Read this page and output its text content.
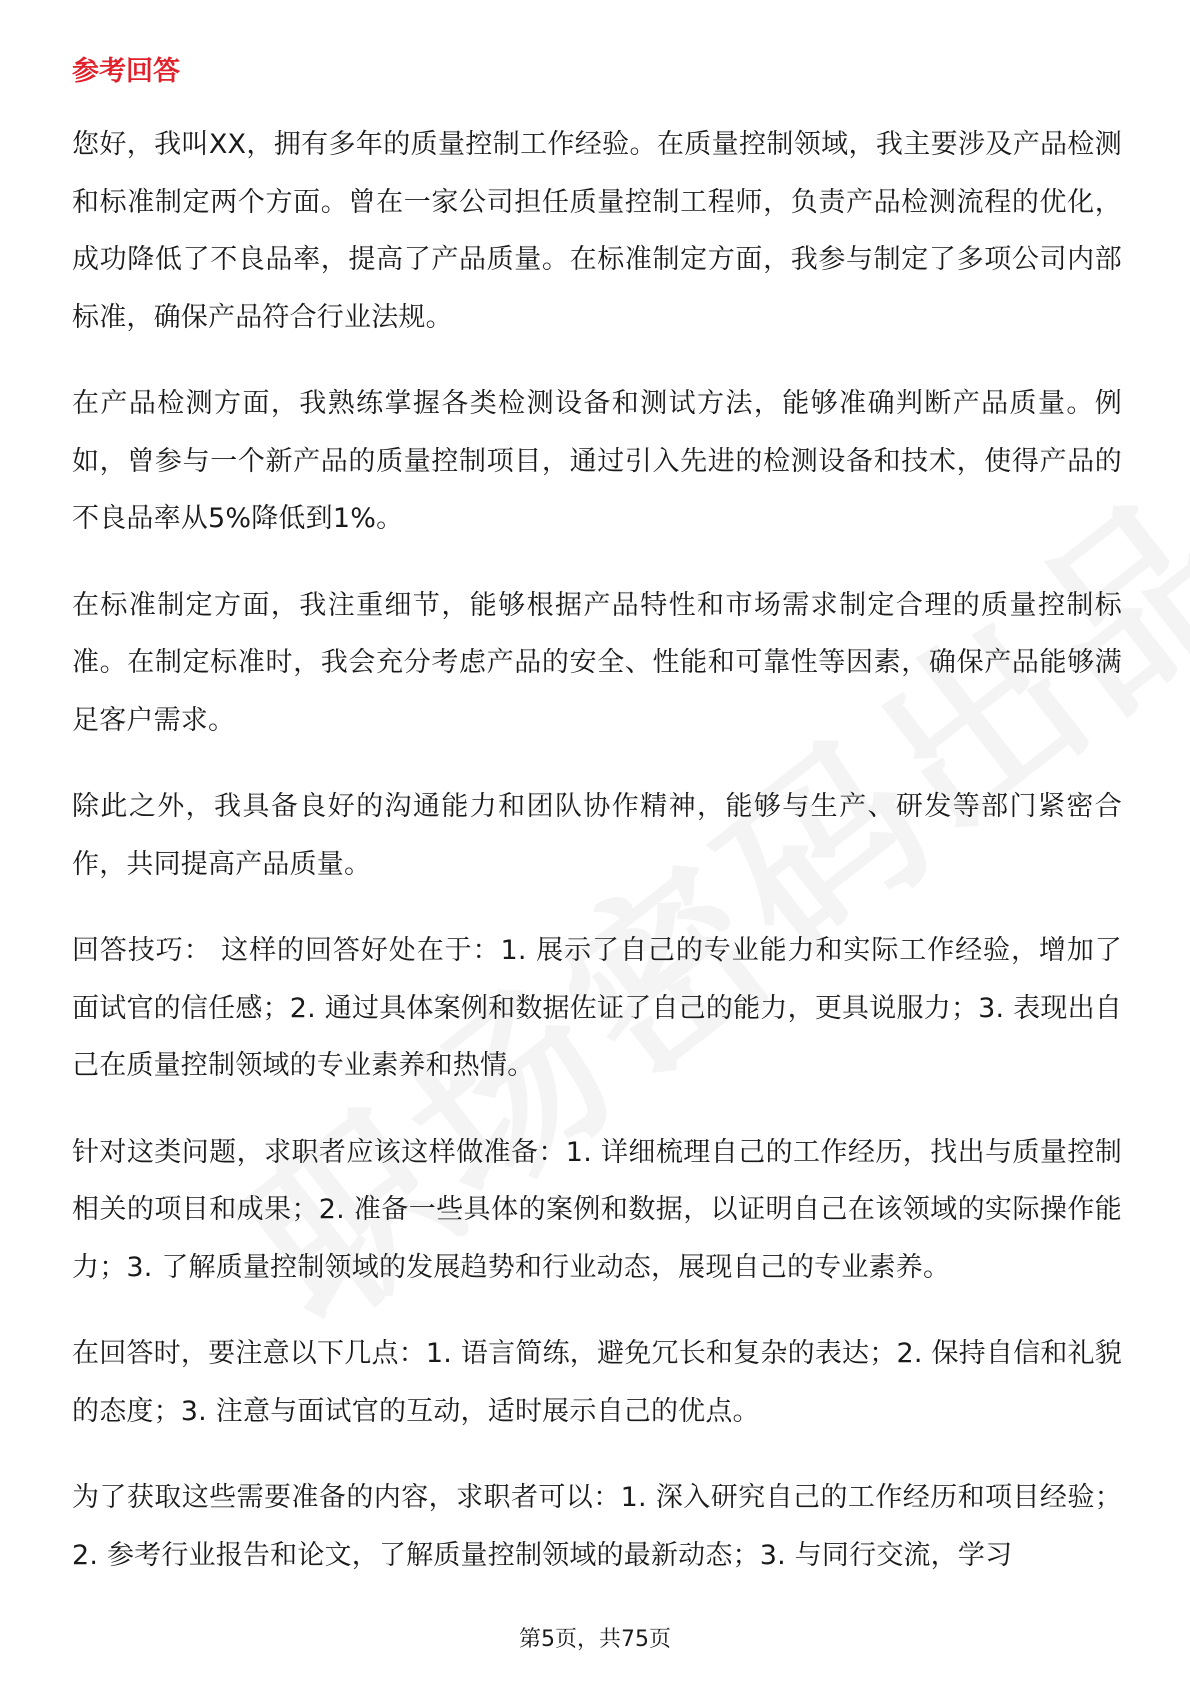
参考回答

您好，我叫XX，拥有多年的质量控制工作经验。在质量控制领域，我主要涉及产品检测和标准制定两个方面。曾在一家公司担任质量控制工程师，负责产品检测流程的优化，成功降低了不良品率，提高了产品质量。在标准制定方面，我参与制定了多项公司内部标准，确保产品符合行业法规。

在产品检测方面，我熟练掌握各类检测设备和测试方法，能够准确判断产品质量。例如，曾参与一个新产品的质量控制项目，通过引入先进的检测设备和技术，使得产品的不良品率从5%降低到1%。

在标准制定方面，我注重细节，能够根据产品特性和市场需求制定合理的质量控制标准。在制定标准时，我会充分考虑产品的安全、性能和可靠性等因素，确保产品能够满足客户需求。

除此之外，我具备良好的沟通能力和团队协作精神，能够与生产、研发等部门紧密合作，共同提高产品质量。

回答技巧： 这样的回答好处在于：1. 展示了自己的专业能力和实际工作经验，增加了面试官的信任感；2. 通过具体案例和数据佐证了自己的能力，更具说服力；3. 表现出自己在质量控制领域的专业素养和热情。

针对这类问题，求职者应该这样做准备：1. 详细梳理自己的工作经历，找出与质量控制相关的项目和成果；2. 准备一些具体的案例和数据，以证明自己在该领域的实际操作能力；3. 了解质量控制领域的发展趋势和行业动态，展现自己的专业素养。

在回答时，要注意以下几点：1. 语言简练，避免冗长和复杂的表达；2. 保持自信和礼貌的态度；3. 注意与面试官的互动，适时展示自己的优点。

为了获取这些需要准备的内容，求职者可以：1. 深入研究自己的工作经历和项目经验；2. 参考行业报告和论文，了解质量控制领域的最新动态；3. 与同行交流，学习

第5页，共75页
